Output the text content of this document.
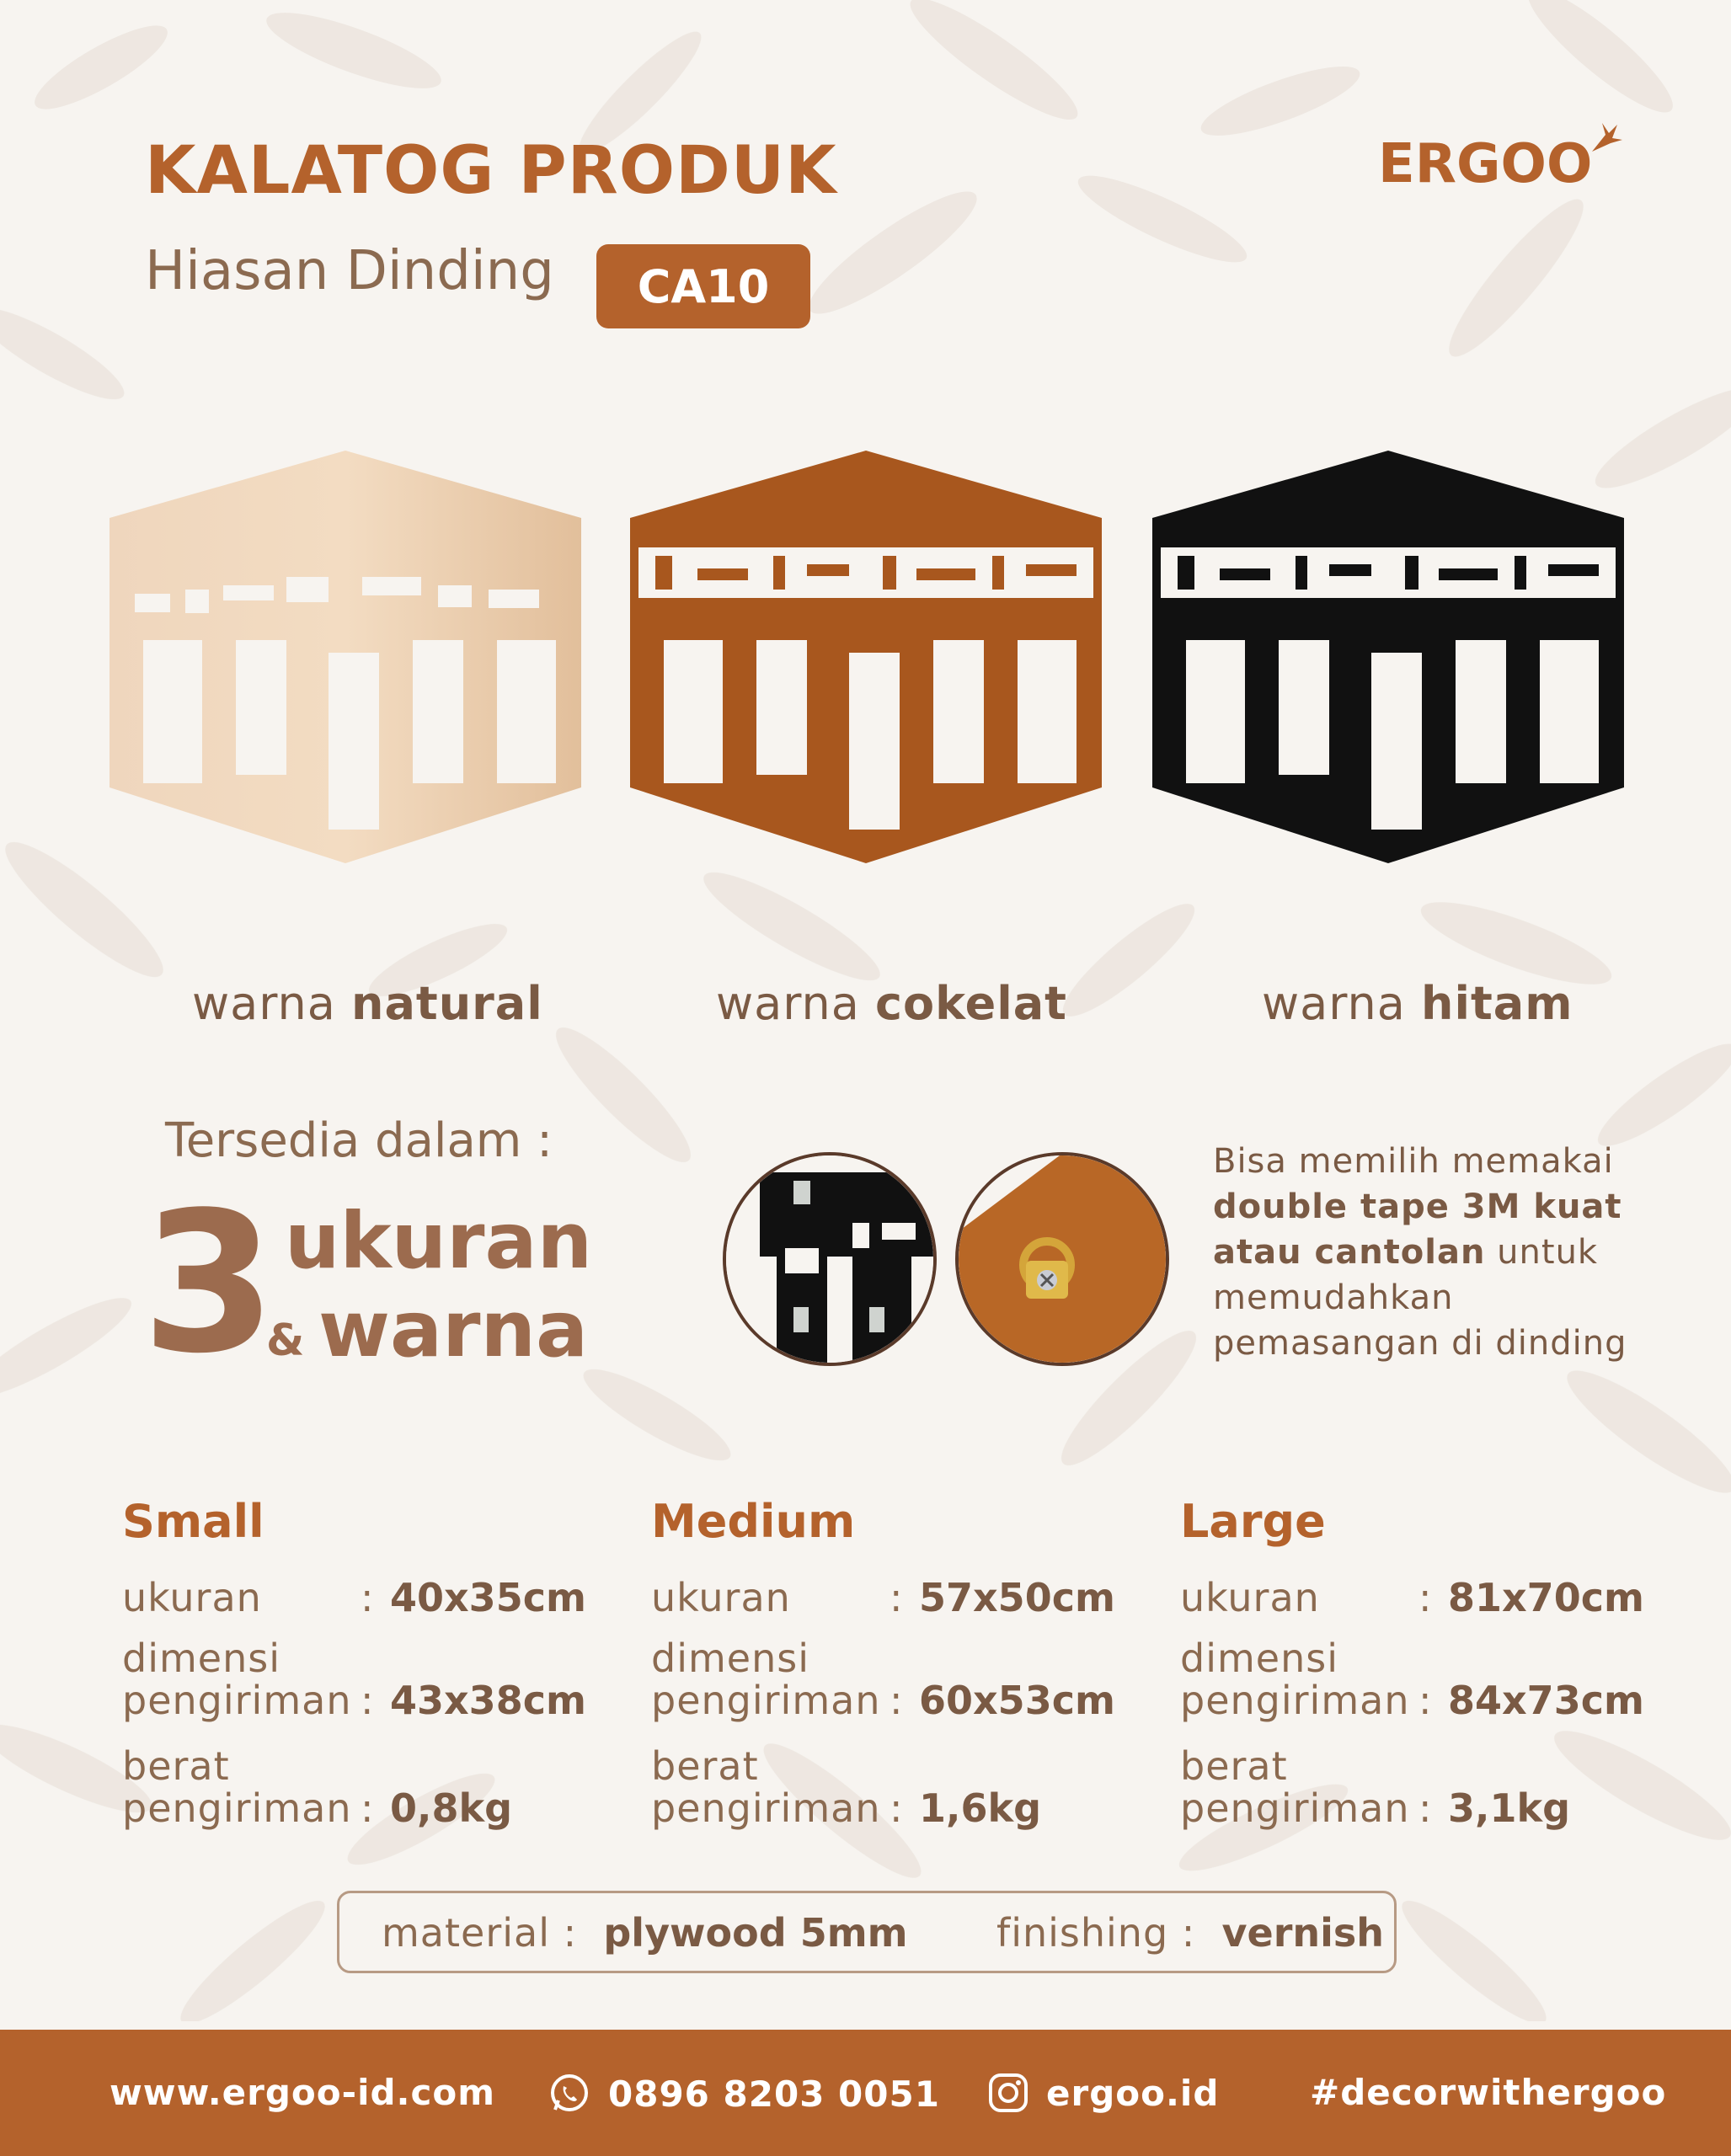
KALATOG PRODUK
Hiasan Dinding	CA10
ERGOO
warna natural	warna cokelat	warna hitam
Tersedia dalam :
3 ukuran
& warna
Bisa memilih memakai
double tape 3M kuat
atau cantolan untuk
memudahkan
pemasangan di dinding
Small
ukuran	: 40x35cm
dimensi
pengiriman : 43x38cm
berat
pengiriman : 0,8kg
Medium
ukuran	: 57x50cm
dimensi
pengiriman : 60x53cm
berat
pengiriman : 1,6kg
Large
ukuran	: 81x70cm
dimensi
pengiriman : 84x73cm
berat
pengiriman : 3,1kg
material : plywood 5mm finishing : vernish
www.ergoo-id.com	0896 8203 0051	ergoo.id	#decorwithergoo
